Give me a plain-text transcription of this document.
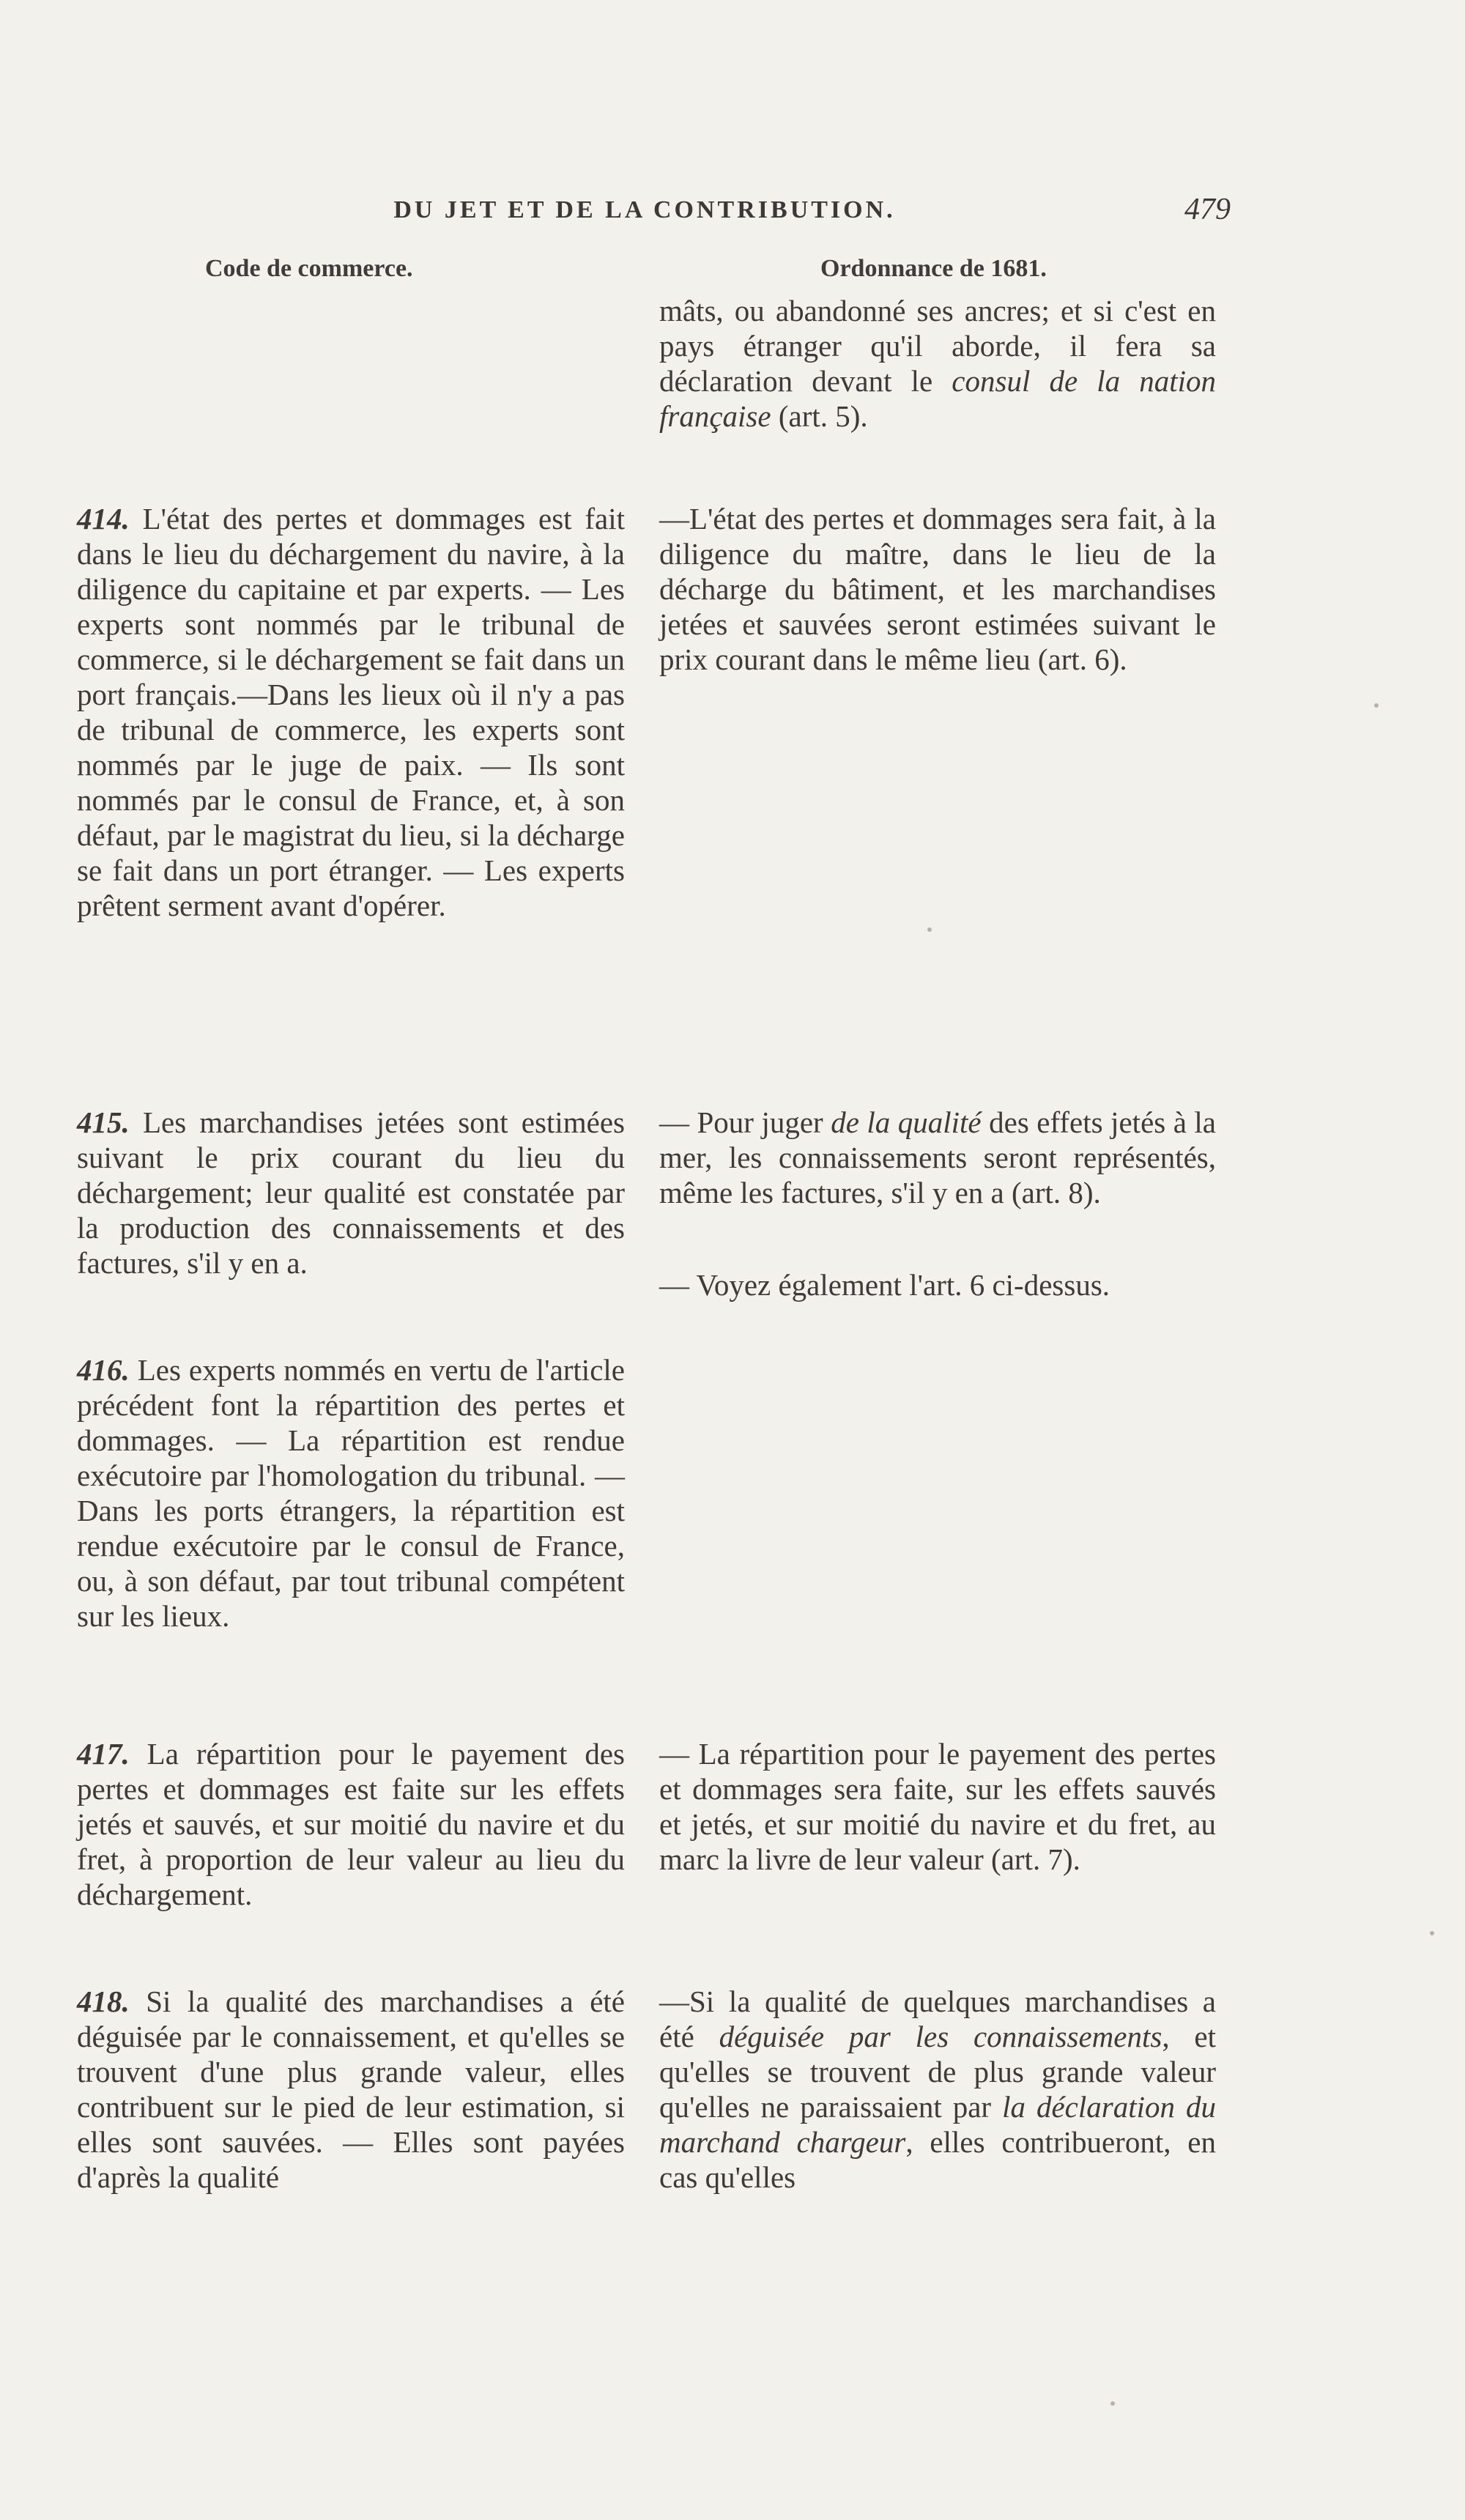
DU JET ET DE LA CONTRIBUTION.	479
Code de commerce.	Ordonnance de 1681.

414. L'état des pertes et dommages est fait dans le lieu du déchargement du navire, à la diligence du capitaine et par experts. — Les experts sont nommés par le tribunal de commerce, si le déchargement se fait dans un port français.—Dans les lieux où il n'y a pas de tribunal de commerce, les experts sont nommés par le juge de paix. — Ils sont nommés par le consul de France, et, à son défaut, par le magistrat du lieu, si la décharge se fait dans un port étranger. — Les experts prêtent serment avant d'opérer.

415. Les marchandises jetées sont estimées suivant le prix courant du lieu du déchargement; leur qualité est constatée par la production des connaissements et des factures, s'il y en a.

416. Les experts nommés en vertu de l'article précédent font la répartition des pertes et dommages. — La répartition est rendue exécutoire par l'homologation du tribunal. — Dans les ports étrangers, la répartition est rendue exécutoire par le consul de France, ou, à son défaut, par tout tribunal compétent sur les lieux.

417. La répartition pour le payement des pertes et dommages est faite sur les effets jetés et sauvés, et sur moitié du navire et du fret, à proportion de leur valeur au lieu du déchargement.

418. Si la qualité des marchandises a été déguisée par le connaissement, et qu'elles se trouvent d'une plus grande valeur, elles contribuent sur le pied de leur estimation, si elles sont sauvées. — Elles sont payées d'après la qualité

mâts, ou abandonné ses ancres; et si c'est en pays étranger qu'il aborde, il fera sa déclaration devant le consul de la nation française (art. 5).

—L'état des pertes et dommages sera fait, à la diligence du maître, dans le lieu de la décharge du bâtiment, et les marchandises jetées et sauvées seront estimées suivant le prix courant dans le même lieu (art. 6).

— Pour juger de la qualité des effets jetés à la mer, les connaissements seront représentés, même les factures, s'il y en a (art. 8).

— Voyez également l'art. 6 ci-dessus.

— La répartition pour le payement des pertes et dommages sera faite, sur les effets sauvés et jetés, et sur moitié du navire et du fret, au marc la livre de leur valeur (art. 7).

—Si la qualité de quelques marchandises a été déguisée par les connaissements, et qu'elles se trouvent de plus grande valeur qu'elles ne paraissaient par la déclaration du marchand chargeur, elles contribueront, en cas qu'elles
